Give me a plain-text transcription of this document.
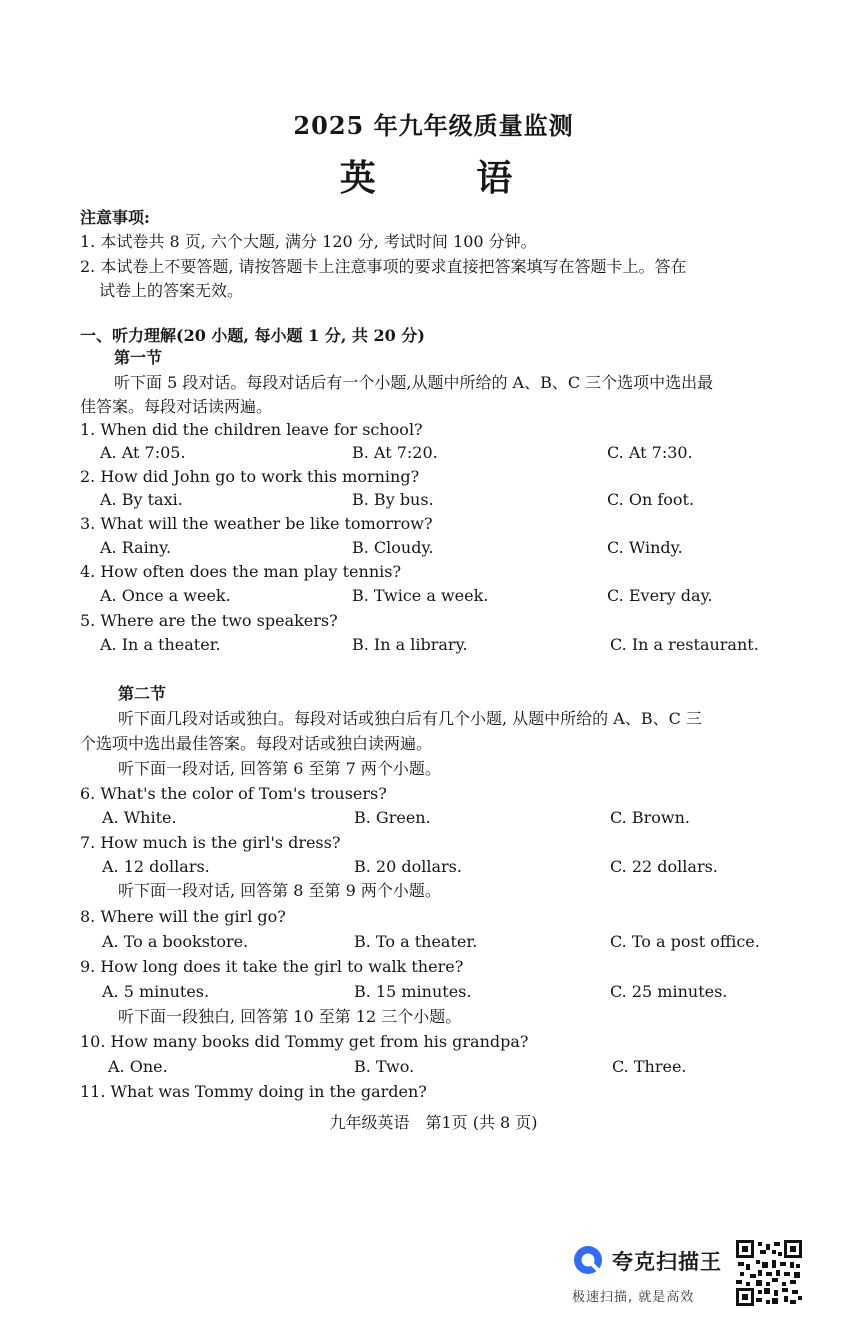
2025 年九年级质量监测
英 语
注意事项:
1. 本试卷共 8 页, 六个大题, 满分 120 分, 考试时间 100 分钟。
2. 本试卷上不要答题, 请按答题卡上注意事项的要求直接把答案填写在答题卡上。答在
试卷上的答案无效。
一、听力理解(20 小题, 每小题 1 分, 共 20 分)
第一节
听下面 5 段对话。每段对话后有一个小题,从题中所给的 A、B、C 三个选项中选出最
佳答案。每段对话读两遍。
1. When did the children leave for school?
A. At 7:05.	B. At 7:20.	C. At 7:30.
2. How did John go to work this morning?
A. By taxi.	B. By bus.	C. On foot.
3. What will the weather be like tomorrow?
A. Rainy.	B. Cloudy.	C. Windy.
4. How often does the man play tennis?
A. Once a week.	B. Twice a week.	C. Every day.
5. Where are the two speakers?
A. In a theater.	B. In a library.	C. In a restaurant.
第二节
听下面几段对话或独白。每段对话或独白后有几个小题, 从题中所给的 A、B、C 三
个选项中选出最佳答案。每段对话或独白读两遍。
听下面一段对话, 回答第 6 至第 7 两个小题。
6. What's the color of Tom's trousers?
A. White.	B. Green.	C. Brown.
7. How much is the girl's dress?
A. 12 dollars.	B. 20 dollars.	C. 22 dollars.
听下面一段对话, 回答第 8 至第 9 两个小题。
8. Where will the girl go?
A. To a bookstore.	B. To a theater.	C. To a post office.
9. How long does it take the girl to walk there?
A. 5 minutes.	B. 15 minutes.	C. 25 minutes.
听下面一段独白, 回答第 10 至第 12 三个小题。
10. How many books did Tommy get from his grandpa?
A. One.	B. Two.	C. Three.
11. What was Tommy doing in the garden?
九年级英语　第1页 (共 8 页)
夸克扫描王
极速扫描, 就是高效
